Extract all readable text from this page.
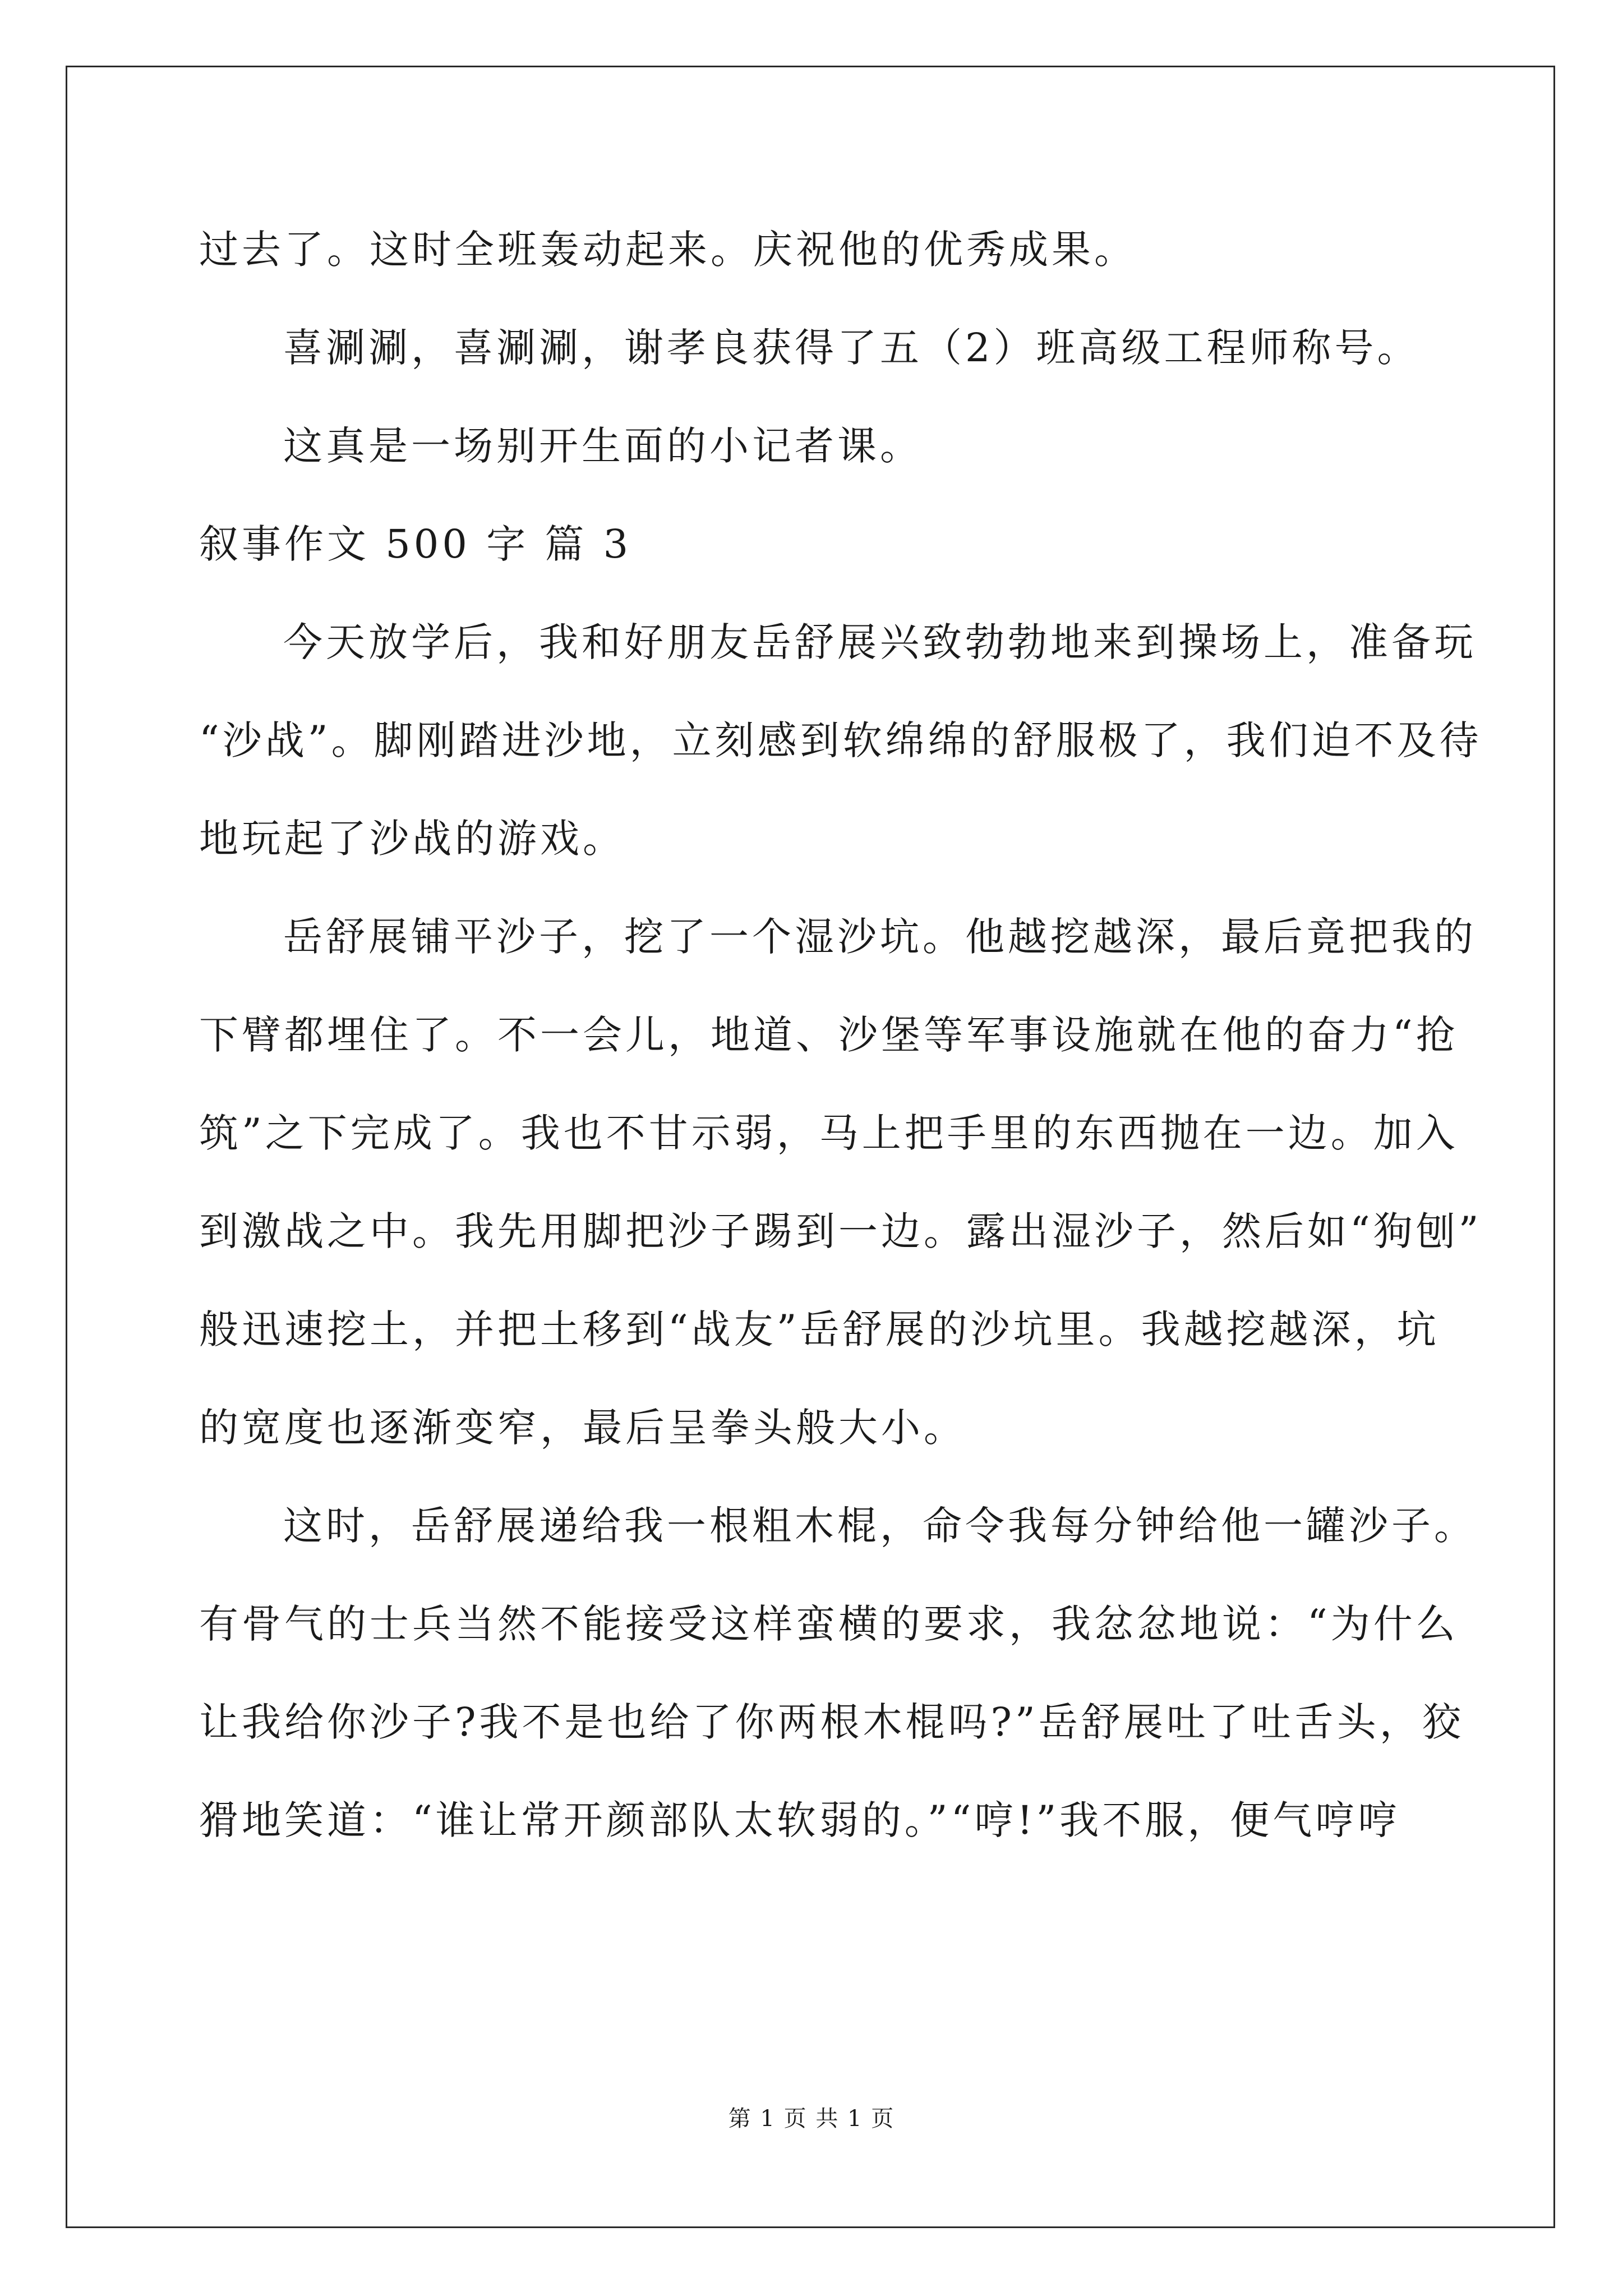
过去了。这时全班轰动起来。庆祝他的优秀成果。
喜涮涮，喜涮涮，谢孝良获得了五（2）班高级工程师称号。
这真是一场别开生面的小记者课。
叙事作文 500 字 篇 3
今天放学后，我和好朋友岳舒展兴致勃勃地来到操场上，准备玩
“沙战”。脚刚踏进沙地，立刻感到软绵绵的舒服极了，我们迫不及待
地玩起了沙战的游戏。
岳舒展铺平沙子，挖了一个湿沙坑。他越挖越深，最后竟把我的
下臂都埋住了。不一会儿，地道、沙堡等军事设施就在他的奋力“抢
筑”之下完成了。我也不甘示弱，马上把手里的东西抛在一边。加入
到激战之中。我先用脚把沙子踢到一边。露出湿沙子，然后如“狗刨”
般迅速挖土，并把土移到“战友”岳舒展的沙坑里。我越挖越深，坑
的宽度也逐渐变窄，最后呈拳头般大小。
这时，岳舒展递给我一根粗木棍，命令我每分钟给他一罐沙子。
有骨气的士兵当然不能接受这样蛮横的要求，我忿忿地说：“为什么
让我给你沙子?我不是也给了你两根木棍吗?”岳舒展吐了吐舌头，狡
猾地笑道：“谁让常开颜部队太软弱的。”“哼!”我不服，便气哼哼
第 1 页 共 1 页
